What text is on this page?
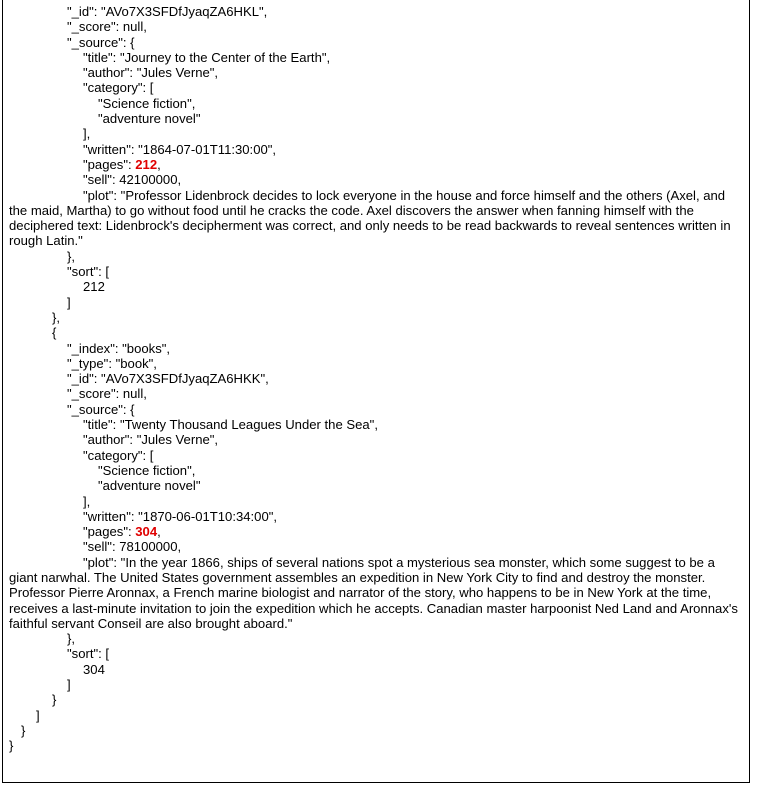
"_id": "AVo7X3SFDfJyaqZA6HKL",
"_score": null,
"_source": {
"title": "Journey to the Center of the Earth",
"author": "Jules Verne",
"category": [
"Science fiction",
"adventure novel"
],
"written": "1864-07-01T11:30:00",
"pages": 212,
"sell": 42100000,
"plot": "Professor Lidenbrock decides to lock everyone in the house and force himself and the others (Axel, and the maid, Martha) to go without food until he cracks the code. Axel discovers the answer when fanning himself with the deciphered text: Lidenbrock's decipherment was correct, and only needs to be read backwards to reveal sentences written in rough Latin."
},
"sort": [
212
]
},
{
"_index": "books",
"_type": "book",
"_id": "AVo7X3SFDfJyaqZA6HKK",
"_score": null,
"_source": {
"title": "Twenty Thousand Leagues Under the Sea",
"author": "Jules Verne",
"category": [
"Science fiction",
"adventure novel"
],
"written": "1870-06-01T10:34:00",
"pages": 304,
"sell": 78100000,
"plot": "In the year 1866, ships of several nations spot a mysterious sea monster, which some suggest to be a giant narwhal. The United States government assembles an expedition in New York City to find and destroy the monster. Professor Pierre Aronnax, a French marine biologist and narrator of the story, who happens to be in New York at the time, receives a last-minute invitation to join the expedition which he accepts. Canadian master harpoonist Ned Land and Aronnax's faithful servant Conseil are also brought aboard."
},
"sort": [
304
]
}
]
}
}
